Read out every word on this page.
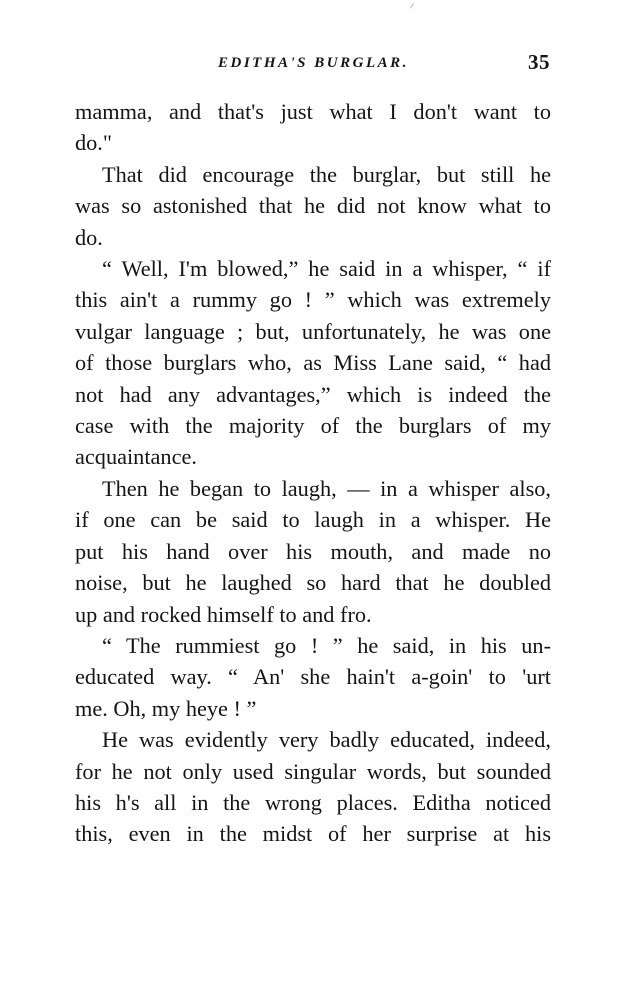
EDITHA'S BURGLAR.	35

mamma, and that's just what I don't want to
do."

That did encourage the burglar, but still he
was so astonished that he did not know what to
do.

“ Well, I'm blowed,” he said in a whisper, “ if
this ain't a rummy go ! ” which was extremely
vulgar language ; but, unfortunately, he was one
of those burglars who, as Miss Lane said, “ had
not had any advantages,” which is indeed the
case with the majority of the burglars of my
acquaintance.

Then he began to laugh, — in a whisper also,
if one can be said to laugh in a whisper. He
put his hand over his mouth, and made no
noise, but he laughed so hard that he doubled
up and rocked himself to and fro.

“ The rummiest go ! ” he said, in his un-
educated way. “ An' she hain't a-goin' to 'urt
me. Oh, my heye ! ”

He was evidently very badly educated, indeed,
for he not only used singular words, but sounded
his h's all in the wrong places. Editha noticed
this, even in the midst of her surprise at his
